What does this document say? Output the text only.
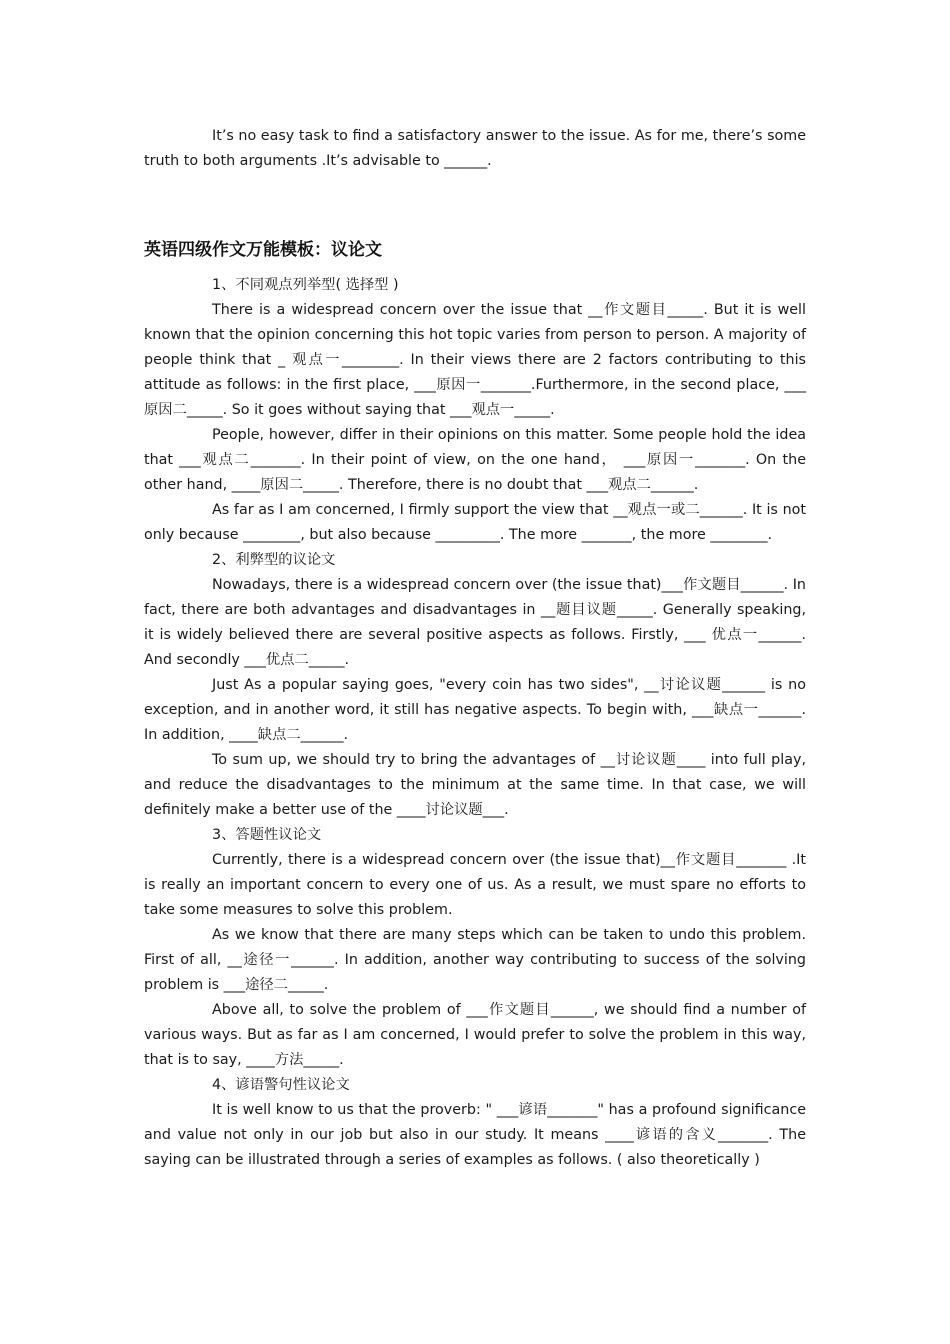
It’s no easy task to find a satisfactory answer to the issue. As for me, there’s some truth to both arguments .It’s advisable to ______.

英语四级作文万能模板：议论文

1、不同观点列举型( 选择型 )

There is a widespread concern over the issue that __作文题目_____. But it is well known that the opinion concerning this hot topic varies from person to person. A majority of people think that _ 观点一________. In their views there are 2 factors contributing to this attitude as follows: in the first place, ___原因一_______.Furthermore, in the second place, ___原因二_____. So it goes without saying that ___观点一_____.

People, however, differ in their opinions on this matter. Some people hold the idea that ___观点二_______. In their point of view, on the one hand， ___原因一_______. On the other hand, ____原因二_____. Therefore, there is no doubt that ___观点二______.

As far as I am concerned, I firmly support the view that __观点一或二______. It is not only because ________, but also because _________. The more _______, the more ________.

2、利弊型的议论文

Nowadays, there is a widespread concern over (the issue that)___作文题目______. In fact, there are both advantages and disadvantages in __题目议题_____. Generally speaking, it is widely believed there are several positive aspects as follows. Firstly, ___ 优点一______. And secondly ___优点二_____.

Just As a popular saying goes, "every coin has two sides", __讨论议题______ is no exception, and in another word, it still has negative aspects. To begin with, ___缺点一______. In addition, ____缺点二______.

To sum up, we should try to bring the advantages of __讨论议题____ into full play, and reduce the disadvantages to the minimum at the same time. In that case, we will definitely make a better use of the ____讨论议题___.

3、答题性议论文

Currently, there is a widespread concern over (the issue that)__作文题目_______ .It is really an important concern to every one of us. As a result, we must spare no efforts to take some measures to solve this problem.

As we know that there are many steps which can be taken to undo this problem. First of all, __途径一______. In addition, another way contributing to success of the solving problem is ___途径二_____.

Above all, to solve the problem of ___作文题目______, we should find a number of various ways. But as far as I am concerned, I would prefer to solve the problem in this way, that is to say, ____方法_____.

4、谚语警句性议论文

It is well know to us that the proverb: " ___谚语_______" has a profound significance and value not only in our job but also in our study. It means ____谚语的含义_______. The saying can be illustrated through a series of examples as follows. ( also theoretically )
